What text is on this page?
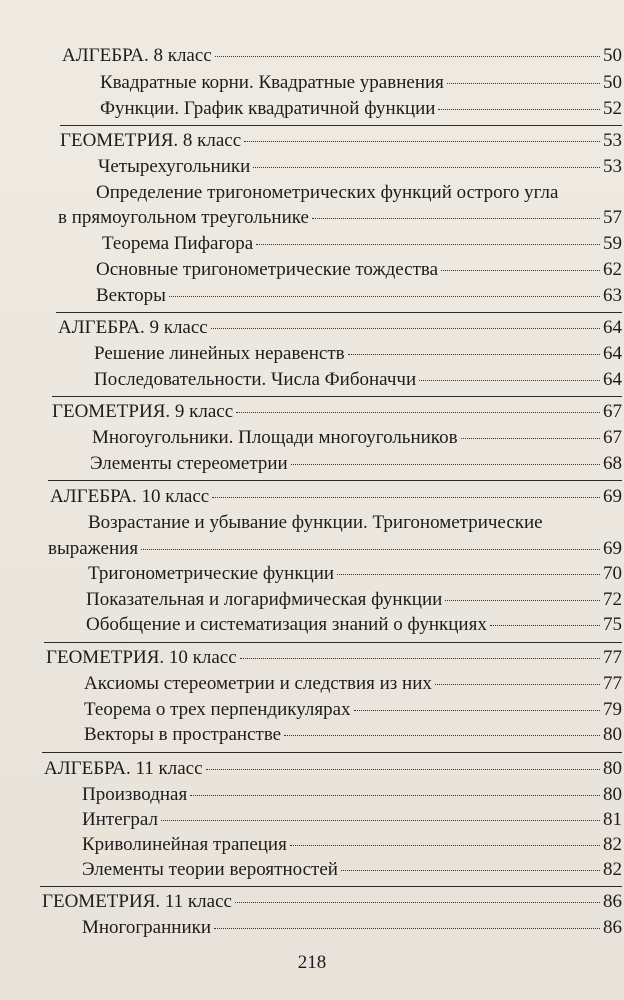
АЛГЕБРА. 8 класс	50
Квадратные корни. Квадратные уравнения	50
Функции. График квадратичной функции	52
ГЕОМЕТРИЯ. 8 класс	53
Четырехугольники	53
Определение тригонометрических функций острого угла
в прямоугольном треугольнике	57
Теорема Пифагора	59
Основные тригонометрические тождества	62
Векторы	63
АЛГЕБРА. 9 класс	64
Решение линейных неравенств	64
Последовательности. Числа Фибоначчи	64
ГЕОМЕТРИЯ. 9 класс	67
Многоугольники. Площади многоугольников	67
Элементы стереометрии	68
АЛГЕБРА. 10 класс	69
Возрастание и убывание функции. Тригонометрические
выражения	69
Тригонометрические функции	70
Показательная и логарифмическая функции	72
Обобщение и систематизация знаний о функциях	75
ГЕОМЕТРИЯ. 10 класс	77
Аксиомы стереометрии и следствия из них	77
Теорема о трех перпендикулярах	79
Векторы в пространстве	80
АЛГЕБРА. 11 класс	80
Производная	80
Интеграл	81
Криволинейная трапеция	82
Элементы теории вероятностей	82
ГЕОМЕТРИЯ. 11 класс	86
Многогранники	86
218
